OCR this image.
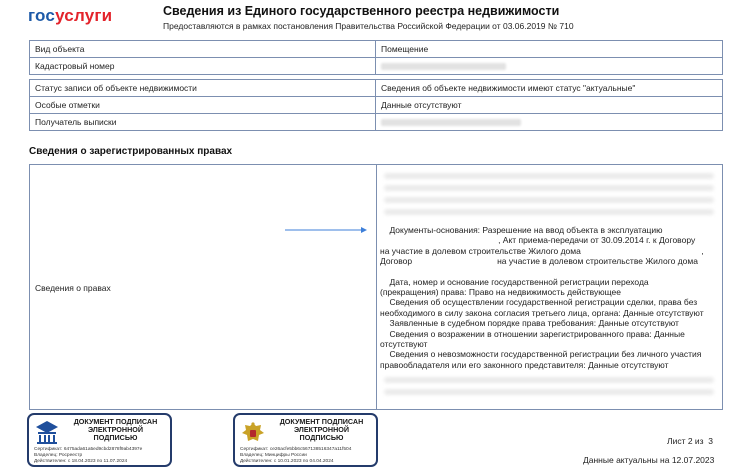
госуслуги	Сведения из Единого государственного реестра недвижимости
Предоставляются в рамках постановления Правительства Российской Федерации от 03.06.2019 № 710
Вид объекта	Помещение
Кадастровый номер	
Статус записи об объекте недвижимости	Сведения об объекте недвижимости имеют статус "актуальные"
Особые отметки	Данные отсутствуют
Получатель выписки	
Сведения о зарегистрированных правах
Сведения о правах

Документы-основания: Разрешение на ввод объекта в эксплуатацию

, Акт приема-передачи от 30.09.2014 г. к Договору

на участие в долевом строительстве Жилого дома                                                   ,

Договор                                    на участие в долевом строительстве Жилого дома

Дата, номер и основание государственной регистрации перехода

(прекращения) права: Право на недвижимость действующее

Сведения об осуществлении государственной регистрации сделки, права без

необходимого в силу закона согласия третьего лица, органа: Данные отсутствуют

Заявленные в судебном порядке права требования: Данные отсутствуют

Сведения о возражении в отношении зарегистрированного права: Данные

отсутствуют

Сведения о невозможности государственной регистрации без личного участия

правообладателя или его законного представителя: Данные отсутствуют

ДОКУМЕНТ ПОДПИСАН
ЭЛЕКТРОННОЙ
ПОДПИСЬЮ
Сертификат: 6475ada61a5ed9cbd2878f9ab4397e
Владелец: Росреестр
Действителен: с 18.04.2023 по 11.07.2024
ДОКУМЕНТ ПОДПИСАН
ЭЛЕКТРОННОЙ
ПОДПИСЬЮ
Сертификат: ce26acfe5bb6c567138516347a11f504
Владелец: Минцифры России
Действителен: с 10.01.2023 по 04.04.2024
Лист 2 из  3
Данные актуальны на 12.07.2023
